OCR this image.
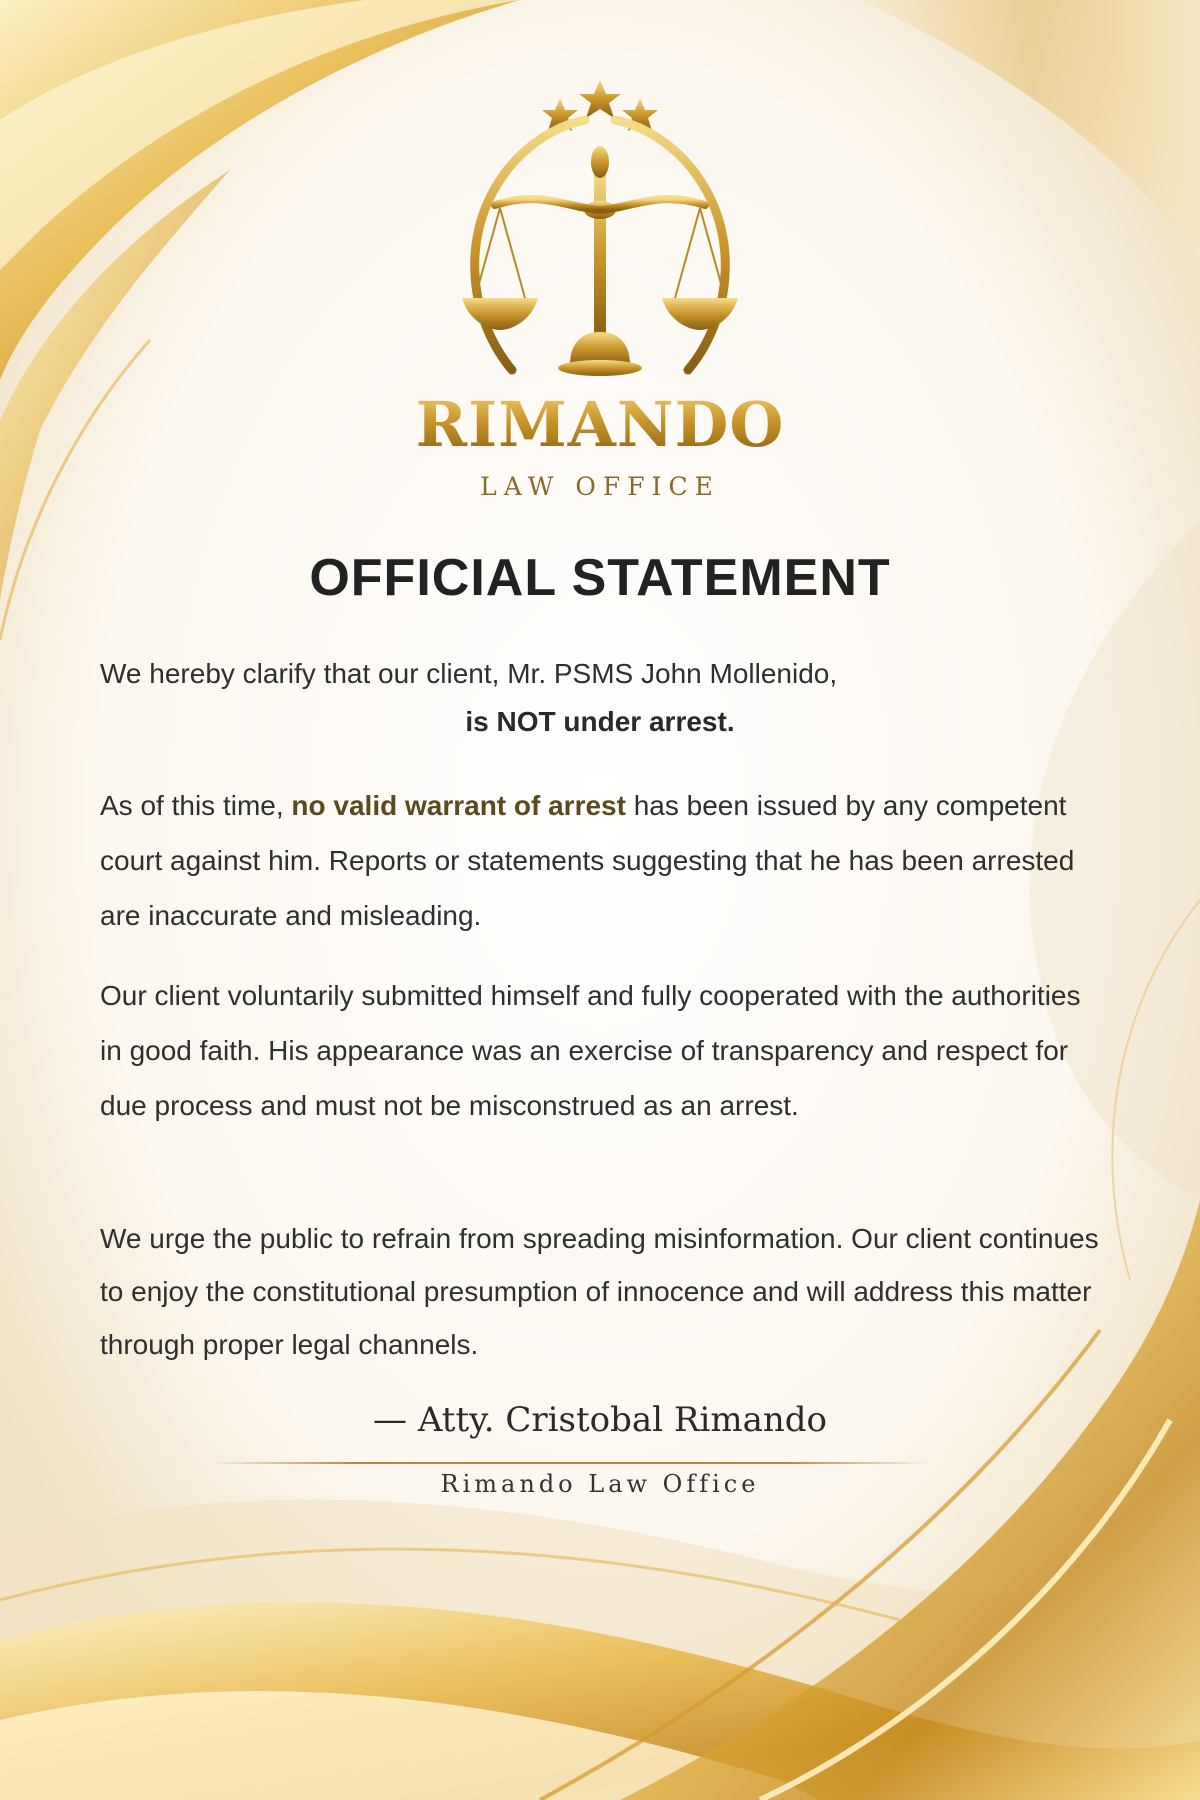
RIMANDO
LAW OFFICE
OFFICIAL STATEMENT
We hereby clarify that our client, Mr. PSMS John Mollenido,
is NOT under arrest.
As of this time, no valid warrant of arrest has been issued by any competent court against him. Reports or statements suggesting that he has been arrested are inaccurate and misleading.
Our client voluntarily submitted himself and fully cooperated with the authorities in good faith. His appearance was an exercise of transparency and respect for due process and must not be misconstrued as an arrest.
We urge the public to refrain from spreading misinformation. Our client continues to enjoy the constitutional presumption of innocence and will address this matter through proper legal channels.
— Atty. Cristobal Rimando
Rimando Law Office
